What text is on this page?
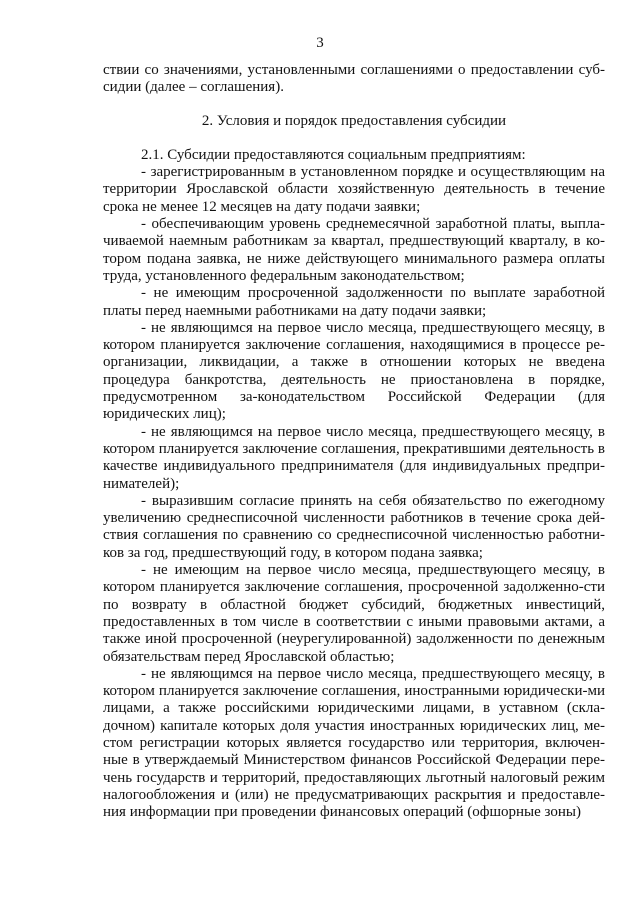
3

ствии со значениями, установленными соглашениями о предоставлении суб-сидии (далее – соглашения).

2. Условия и порядок предоставления субсидии

2.1. Субсидии предоставляются социальным предприятиям:

- зарегистрированным в установленном порядке и осуществляющим на территории Ярославской области хозяйственную деятельность в течение срока не менее 12 месяцев на дату подачи заявки;

- обеспечивающим уровень среднемесячной заработной платы, выпла-чиваемой наемным работникам за квартал, предшествующий кварталу, в ко-тором подана заявка, не ниже действующего минимального размера оплаты труда, установленного федеральным законодательством;

- не имеющим просроченной задолженности по выплате заработной платы перед наемными работниками на дату подачи заявки;

- не являющимся на первое число месяца, предшествующего месяцу, в котором планируется заключение соглашения, находящимися в процессе ре-организации, ликвидации, а также в отношении которых не введена процедура банкротства, деятельность не приостановлена в порядке, предусмотренном за-конодательством Российской Федерации (для юридических лиц);

- не являющимся на первое число месяца, предшествующего месяцу, в котором планируется заключение соглашения, прекратившими деятельность в качестве индивидуального предпринимателя (для индивидуальных предпри-нимателей);

- выразившим согласие принять на себя обязательство по ежегодному увеличению среднесписочной численности работников в течение срока дей-ствия соглашения по сравнению со среднесписочной численностью работни-ков за год, предшествующий году, в котором подана заявка;

- не имеющим на первое число месяца, предшествующего месяцу, в котором планируется заключение соглашения, просроченной задолженно-сти по возврату в областной бюджет субсидий, бюджетных инвестиций, предоставленных в том числе в соответствии с иными правовыми актами, а также иной просроченной (неурегулированной) задолженности по денежным обязательствам перед Ярославской областью;

- не являющимся на первое число месяца, предшествующего месяцу, в котором планируется заключение соглашения, иностранными юридически-ми лицами, а также российскими юридическими лицами, в уставном (скла-дочном) капитале которых доля участия иностранных юридических лиц, ме-стом регистрации которых является государство или территория, включен-ные в утверждаемый Министерством финансов Российской Федерации пере-чень государств и территорий, предоставляющих льготный налоговый режим налогообложения и (или) не предусматривающих раскрытия и предоставле-ния информации при проведении финансовых операций (офшорные зоны)
